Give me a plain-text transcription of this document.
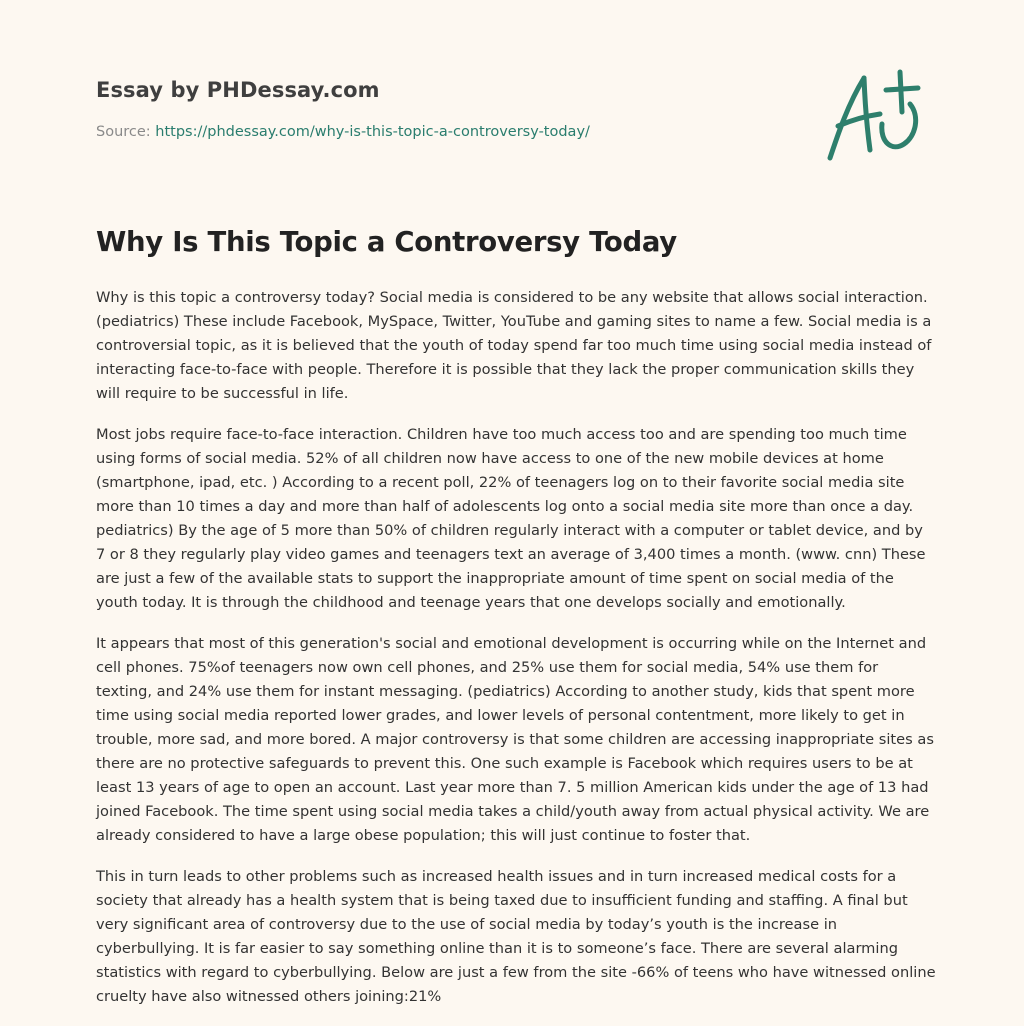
Essay by PHDessay.com
Source: https://phdessay.com/why-is-this-topic-a-controversy-today/
Why Is This Topic a Controversy Today

Why is this topic a controversy today? Social media is considered to be any website that allows social interaction. (pediatrics) These include Facebook, MySpace, Twitter, YouTube and gaming sites to name a few. Social media is a controversial topic, as it is believed that the youth of today spend far too much time using social media instead of interacting face-to-face with people. Therefore it is possible that they lack the proper communication skills they will require to be successful in life.

Most jobs require face-to-face interaction. Children have too much access too and are spending too much time using forms of social media. 52% of all children now have access to one of the new mobile devices at home (smartphone, ipad, etc. ) According to a recent poll, 22% of teenagers log on to their favorite social media site more than 10 times a day and more than half of adolescents log onto a social media site more than once a day. pediatrics) By the age of 5 more than 50% of children regularly interact with a computer or tablet device, and by 7 or 8 they regularly play video games and teenagers text an average of 3,400 times a month. (www. cnn) These are just a few of the available stats to support the inappropriate amount of time spent on social media of the youth today. It is through the childhood and teenage years that one develops socially and emotionally.

It appears that most of this generation's social and emotional development is occurring while on the Internet and cell phones. 75%of teenagers now own cell phones, and 25% use them for social media, 54% use them for texting, and 24% use them for instant messaging. (pediatrics) According to another study, kids that spent more time using social media reported lower grades, and lower levels of personal contentment, more likely to get in trouble, more sad, and more bored. A major controversy is that some children are accessing inappropriate sites as there are no protective safeguards to prevent this. One such example is Facebook which requires users to be at least 13 years of age to open an account. Last year more than 7. 5 million American kids under the age of 13 had joined Facebook. The time spent using social media takes a child/youth away from actual physical activity. We are already considered to have a large obese population; this will just continue to foster that.

This in turn leads to other problems such as increased health issues and in turn increased medical costs for a society that already has a health system that is being taxed due to insufficient funding and staffing. A final but very significant area of controversy due to the use of social media by today’s youth is the increase in cyberbullying. It is far easier to say something online than it is to someone’s face. There are several alarming statistics with regard to cyberbullying. Below are just a few from the site -66% of teens who have witnessed online cruelty have also witnessed others joining:21%
